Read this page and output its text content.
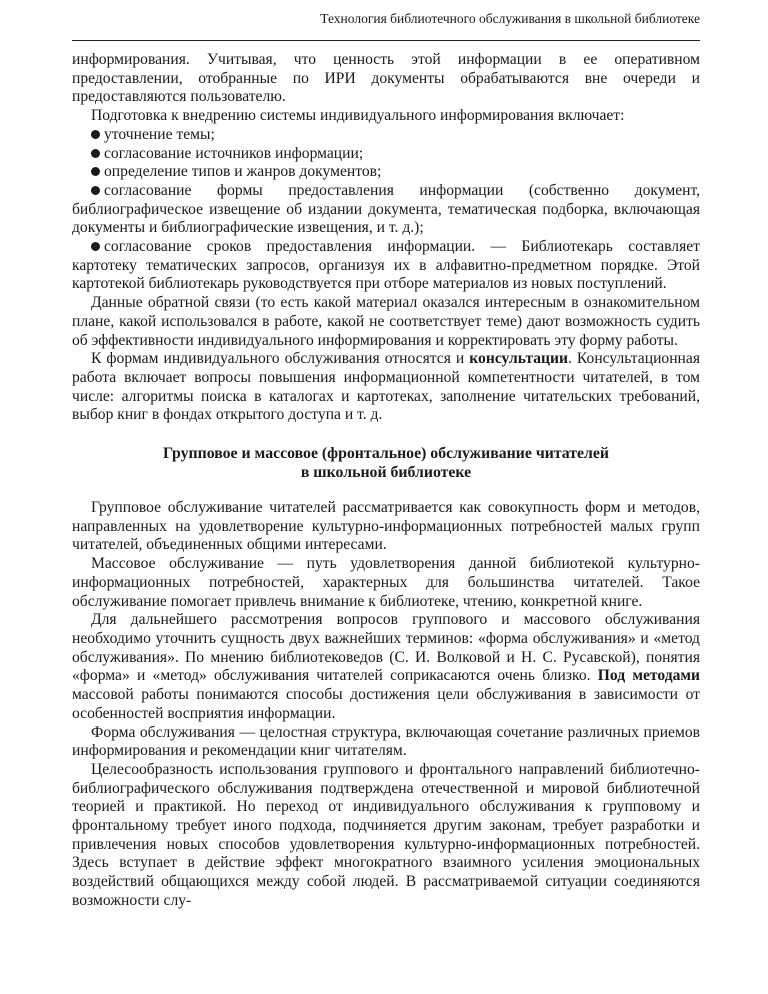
Технология библиотечного обслуживания в школьной библиотеке

информирования. Учитывая, что ценность этой информации в ее оперативном предоставлении, отобранные по ИРИ документы обрабатываются вне очереди и предоставляются пользователю.

Подготовка к внедрению системы индивидуального информирования включает:

уточнение темы;

согласование источников информации;

определение типов и жанров документов;

согласование формы предоставления информации (собственно документ, библиографическое извещение об издании документа, тематическая подборка, включающая документы и библиографические извещения, и т. д.);

согласование сроков предоставления информации. — Библиотекарь составляет картотеку тематических запросов, организуя их в алфавитно-предметном порядке. Этой картотекой библиотекарь руководствуется при отборе материалов из новых поступлений.

Данные обратной связи (то есть какой материал оказался интересным в ознакомительном плане, какой использовался в работе, какой не соответствует теме) дают возможность судить об эффективности индивидуального информирования и корректировать эту форму работы.

К формам индивидуального обслуживания относятся и консультации. Консультационная работа включает вопросы повышения информационной компетентности читателей, в том числе: алгоритмы поиска в каталогах и картотеках, заполнение читательских требований, выбор книг в фондах открытого доступа и т. д.

Групповое и массовое (фронтальное) обслуживание читателей
в школьной библиотеке

Групповое обслуживание читателей рассматривается как совокупность форм и методов, направленных на удовлетворение культурно-информационных потребностей малых групп читателей, объединенных общими интересами.

Массовое обслуживание — путь удовлетворения данной библиотекой культурно-информационных потребностей, характерных для большинства читателей. Такое обслуживание помогает привлечь внимание к библиотеке, чтению, конкретной книге.

Для дальнейшего рассмотрения вопросов группового и массового обслуживания необходимо уточнить сущность двух важнейших терминов: «форма обслуживания» и «метод обслуживания». По мнению библиотековедов (С. И. Волковой и Н. С. Русавской), понятия «форма» и «метод» обслуживания читателей соприкасаются очень близко. Под методами массовой работы понимаются способы достижения цели обслуживания в зависимости от особенностей восприятия информации.

Форма обслуживания — целостная структура, включающая сочетание различных приемов информирования и рекомендации книг читателям.

Целесообразность использования группового и фронтального направлений библиотечно-библиографического обслуживания подтверждена отечественной и мировой библиотечной теорией и практикой. Но переход от индивидуального обслуживания к групповому и фронтальному требует иного подхода, подчиняется другим законам, требует разработки и привлечения новых способов удовлетворения культурно-информационных потребностей. Здесь вступает в действие эффект многократного взаимного усиления эмоциональных воздействий общающихся между собой людей. В рассматриваемой ситуации соединяются возможности слу-
